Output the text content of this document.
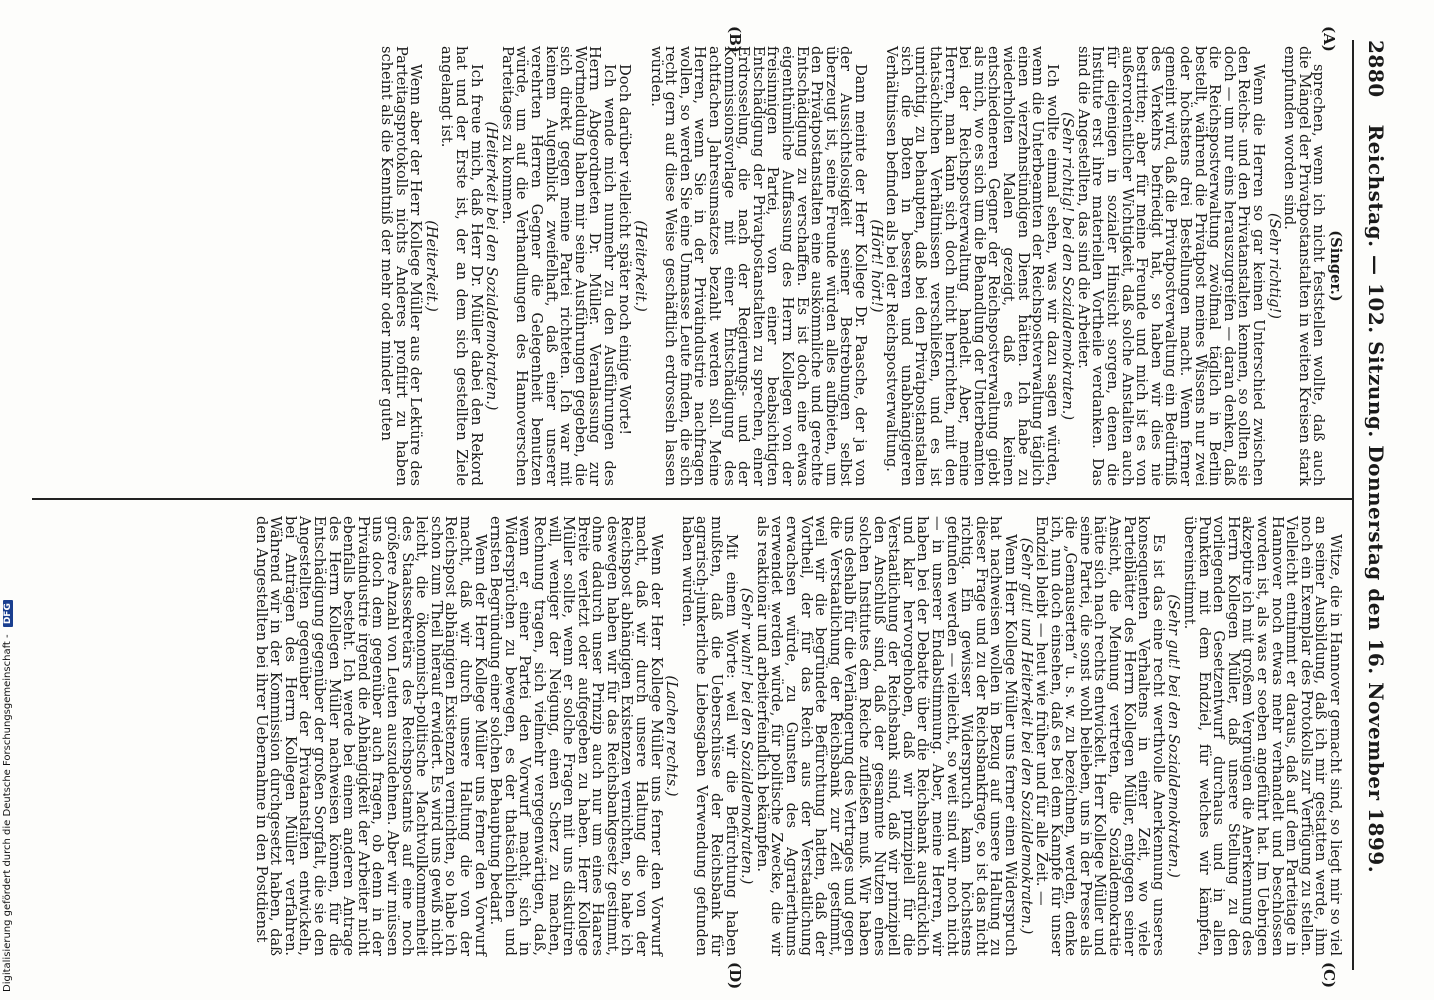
2880
Reichstag. — 102. Sitzung. Donnerstag den 16. November 1899.
(A)
(B)
(C)
(D)
(Singer.)

sprechen, wenn ich nicht feststellen wollte, daß auch die Mängel der Privatpostanstalten in weiten Kreisen stark empfunden worden sind.

(Sehr richtig!)

Wenn die Herren so gar keinen Unterschied zwischen den Reichs- und den Privatanstalten kennen, so sollten sie doch — um nur eins herauszugreifen — daran denken, daß die Reichspostverwaltung zwölfmal täglich in Berlin bestellt, während die Privatpost meines Wissens nur zwei oder höchstens drei Bestellungen macht. Wenn ferner gemeint wird, daß die Privatpostverwaltung ein Bedürfniß des Verkehrs befriedigt hat, so haben wir dies nie bestritten; aber für meine Freunde und mich ist es von außerordentlicher Wichtigkeit, daß solche Anstalten auch für diejenigen in sozialer Hinsicht sorgen, denen die Institute erst ihre materiellen Vortheile verdanken. Das sind die Angestellten, das sind die Arbeiter.

(Sehr richtig! bei den Sozialdemokraten.)

Ich wollte einmal sehen, was wir dazu sagen würden, wenn die Unterbeamten der Reichspostverwaltung täglich einen vierzehnstündigen Dienst hätten. Ich habe zu wiederholten Malen gezeigt, daß es keinen entschiedeneren Gegner der Reichspostverwaltung giebt als mich, wo es sich um die Behandlung der Unterbeamten bei der Reichspostverwaltung handelt. Aber, meine Herren, man kann sich doch nicht herrichten, mit den thatsächlichen Verhältnissen verschließen, und es ist unrichtig, zu behaupten, daß bei den Privatpostanstalten sich die Boten in besseren und unabhängigeren Verhältnissen befinden als bei der Reichspostverwaltung.

(Hört! hört!)

Dann meinte der Herr Kollege Dr. Paasche, der ja von der Aussichtslosigkeit seiner Bestrebungen selbst überzeugt ist, seine Freunde würden alles aufbieten, um den Privatpostanstalten eine auskömmliche und gerechte Entschädigung zu verschaffen. Es ist doch eine etwas eigenthümliche Auffassung des Herrn Kollegen von der freisinnigen Partei, von einer beabsichtigten Entschädigung der Privatpostanstalten zu sprechen, einer Erdrosselung, die nach der Regierungs- und der Kommissionsvorlage mit einer Entschädigung des achtfachen Jahresumsatzes bezahlt werden soll. Meine Herren, wenn Sie in der Privatindustrie nachfragen wollen, so werden Sie eine Unmasse Leute finden, die sich recht gern auf diese Weise geschäftlich erdrosseln lassen würden.

(Heiterkeit.)

Doch darüber vielleicht später noch einige Worte!

Ich wende mich nunmehr zu den Ausführungen des Herrn Abgeordneten Dr. Müller. Veranlassung zur Wortmeldung haben mir seine Ausführungen gegeben, die sich direkt gegen meine Partei richteten. Ich war mit keinem Augenblick zweifelhaft, daß einer unserer verehrten Herren Gegner die Gelegenheit benutzen würde, um auf die Verhandlungen des Hannoverschen Parteitages zu kommen.

(Heiterkeit bei den Sozialdemokraten.)

Ich freue mich, daß Herr Dr. Müller dabei den Rekord hat und der Erste ist, der an dem sich gestellten Ziele angelangt ist.

(Heiterkeit.)

Wenn aber der Herr Kollege Müller aus der Lektüre des Parteitagsprotokolls nichts Anderes profitirt zu haben scheint als die Kenntniß der mehr oder minder guten

Witze, die in Hannover gemacht sind, so liegt mir so viel an seiner Ausbildung, daß ich mir gestatten werde, ihm noch ein Exemplar des Protokolls zur Verfügung zu stellen. Vielleicht entnimmt er daraus, daß auf dem Parteitage in Hannover noch etwas mehr verhandelt und beschlossen worden ist, als was er soeben angeführt hat. Im Uebrigen akzeptire ich mit großem Vergnügen die Anerkennung des Herrn Kollegen Müller, daß unsere Stellung zu den vorliegenden Gesetzentwurf durchaus und in allen Punkten mit dem Endziel, für welches wir kämpfen, übereinstimmt.

(Sehr gut! bei den Sozialdemokraten.)

Es ist das eine recht werthvolle Anerkennung unseres konsequenten Verhaltens in einer Zeit, wo viele Parteiblätter des Herrn Kollegen Müller, entgegen seiner Ansicht, die Meinung vertreten, die Sozialdemokratie hätte sich nach rechts entwickelt. Herr Kollege Müller und seine Partei, die sonst wohl belieben, uns in der Presse als die „Gemauserten“ u. s. w. zu bezeichnen, werden, denke ich, nun doch einsehen, daß es bei dem Kampfe für unser Endziel bleibt — heut wie früher und für alle Zeit. —

(Sehr gut! und Heiterkeit bei den Sozialdemokraten.)

Wenn Herr Kollege Müller uns ferner einen Widerspruch hat nachweisen wollen in Bezug auf unsere Haltung zu dieser Frage und zu der Reichsbankfrage, so ist das nicht richtig. Ein gewisser Widerspruch kann höchstens gefunden werden — vielleicht, so weit sind wir noch nicht — in unserer Endabstimmung. Aber, meine Herren, wir haben bei der Debatte über die Reichsbank ausdrücklich und klar hervorgehoben, daß wir prinzipiell für die Verstaatlichung der Reichsbank sind, daß wir prinzipiell den Anschluß sind, daß der gesammte Nutzen eines solchen Institutes dem Reiche zufließen muß. Wir haben uns deshalb für die Verlängerung des Vertrages und gegen die Verstaatlichung der Reichsbank zur Zeit gestimmt, weil wir die begründete Befürchtung hatten, daß der Vortheil, der für das Reich aus der Verstaatlichung erwachsen würde, zu Gunsten des Agrarierthums verwendet werden würde, für politische Zwecke, die wir als reaktionär und arbeiterfeindlich bekämpfen.

(Sehr wahr! bei den Sozialdemokraten.)

Mit einem Worte: weil wir die Befürchtung haben mußten, daß die Ueberschüsse der Reichsbank für agrarisch-junkerliche Liebesgaben Verwendung gefunden haben würden.

(Lachen rechts.)

Wenn der Herr Kollege Müller uns ferner den Vorwurf macht, daß wir durch unsere Haltung die von der Reichspost abhängigen Existenzen vernichten, so habe ich deswegen haben wir für das Reichsbankgesetz gestimmt, ohne dadurch unser Prinzip auch nur um eines Haares Breite verletzt oder aufgegeben zu haben. Herr Kollege Müller sollte, wenn er solche Fragen mit uns diskutiren will, weniger der Neigung, einen Scherz zu machen, Rechnung tragen, sich vielmehr vergegenwärtigen, daß, wenn er einer Partei den Vorwurf macht, sich in Widersprüchen zu bewegen, es der thatsächlichen und ernsten Begründung einer solchen Behauptung bedarf.

Wenn der Herr Kollege Müller uns ferner den Vorwurf macht, daß wir durch unsere Haltung die von der Reichspost abhängigen Existenzen vernichten, so habe ich schon zum Theil hierauf erwidert. Es wird uns gewiß nicht leicht, die ökonomisch-politische Machtvollkommenheit des Staatssekretärs des Reichspostamts auf eine noch größere Anzahl von Leuten auszudehnen. Aber wir müssen uns doch dem gegenüber auch fragen, ob denn in der Privatindustrie irgend die Abhängigkeit der Arbeiter nicht ebenfalls besteht. Ich werde bei einem anderen Antrage des Herrn Kollegen Müller nachweisen können, für die Entschädigung gegenüber der großen Sorgfalt, die sie den Angestellten gegenüber der Privatanstalten entwickeln, bei Anträgen des Herrn Kollegen Müller verfahren. Während wir in der Kommission durchgesetzt haben, daß den Angestellten bei ihrer Uebernahme in den Postdienst

Digitalisierung gefördert durch die Deutsche Forschungsgemeinschaft - DFG
